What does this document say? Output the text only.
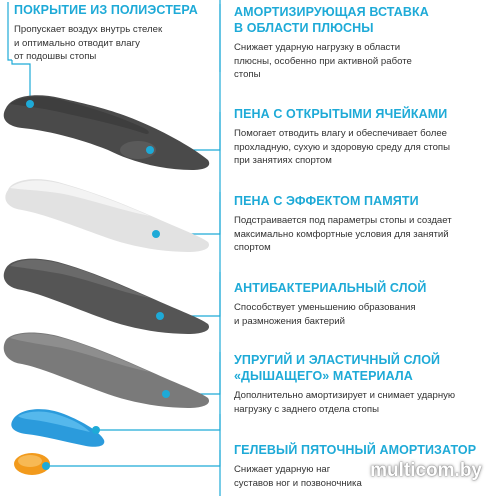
ПОКРЫТИЕ ИЗ ПОЛИЭСТЕРА
Пропускает воздух внутрь стелек
и оптимально отводит влагу
от подошвы стопы
АМОРТИЗИРУЮЩАЯ ВСТАВКА
В ОБЛАСТИ ПЛЮСНЫ
Снижает ударную нагрузку в области
плюсны, особенно при активной работе
стопы
ПЕНА С ОТКРЫТЫМИ ЯЧЕЙКАМИ
Помогает отводить влагу и обеспечивает более
прохладную, сухую и здоровую среду для стопы
при занятиях спортом
ПЕНА С ЭФФЕКТОМ ПАМЯТИ
Подстраивается под параметры стопы и создает
максимально комфортные условия для занятий
спортом
АНТИБАКТЕРИАЛЬНЫЙ СЛОЙ
Способствует уменьшению образования
и размножения бактерий
УПРУГИЙ И ЭЛАСТИЧНЫЙ СЛОЙ
«ДЫШАЩЕГО» МАТЕРИАЛА
Дополнительно амортизирует и снимает ударную
нагрузку с заднего отдела стопы
ГЕЛЕВЫЙ ПЯТОЧНЫЙ АМОРТИЗАТОР
Снижает ударную наг
суставов ног и позвоночника
multicom.by
